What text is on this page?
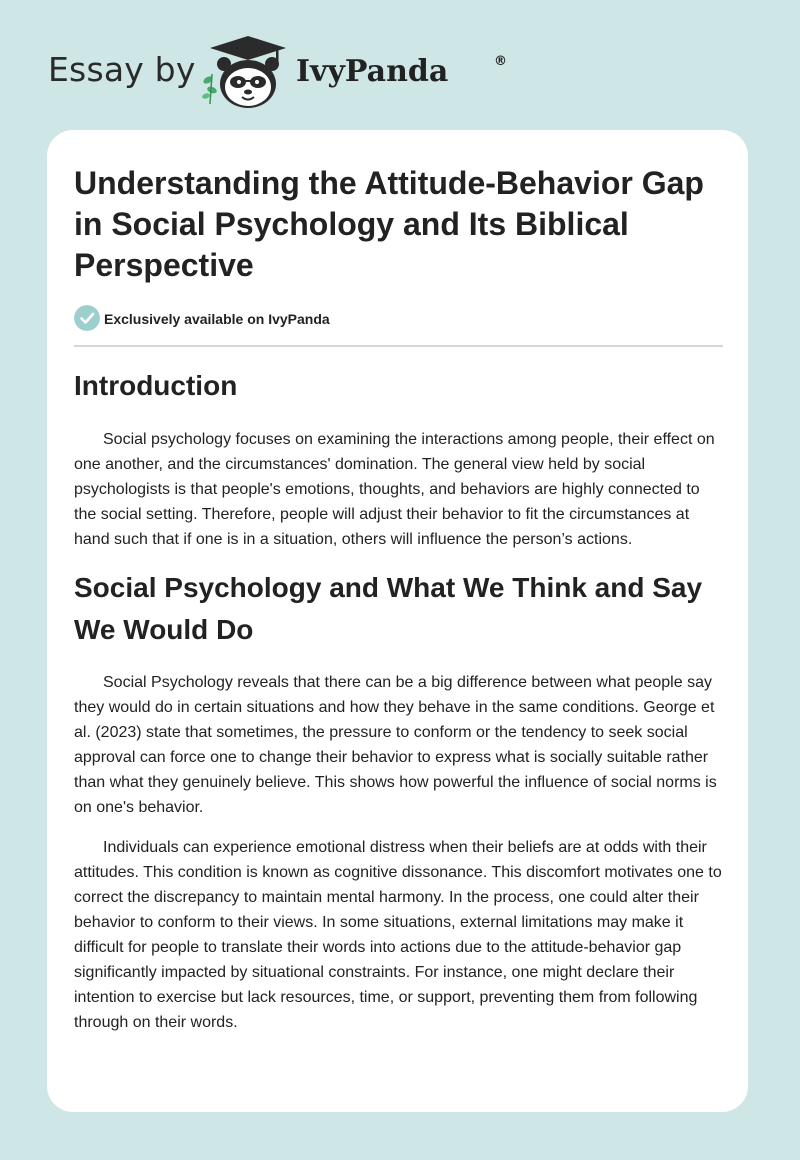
Essay by	IvyPanda	®
Understanding the Attitude-Behavior Gap in Social Psychology and Its Biblical Perspective
Exclusively available on IvyPanda
Introduction

Social psychology focuses on examining the interactions among people, their effect on one another, and the circumstances' domination. The general view held by social psychologists is that people's emotions, thoughts, and behaviors are highly connected to the social setting. Therefore, people will adjust their behavior to fit the circumstances at hand such that if one is in a situation, others will influence the person’s actions.

Social Psychology and What We Think and Say We Would Do

Social Psychology reveals that there can be a big difference between what people say they would do in certain situations and how they behave in the same conditions. George et al. (2023) state that sometimes, the pressure to conform or the tendency to seek social approval can force one to change their behavior to express what is socially suitable rather than what they genuinely believe. This shows how powerful the influence of social norms is on one's behavior.

Individuals can experience emotional distress when their beliefs are at odds with their attitudes. This condition is known as cognitive dissonance. This discomfort motivates one to correct the discrepancy to maintain mental harmony. In the process, one could alter their behavior to conform to their views. In some situations, external limitations may make it difficult for people to translate their words into actions due to the attitude-behavior gap significantly impacted by situational constraints. For instance, one might declare their intention to exercise but lack resources, time, or support, preventing them from following through on their words.
